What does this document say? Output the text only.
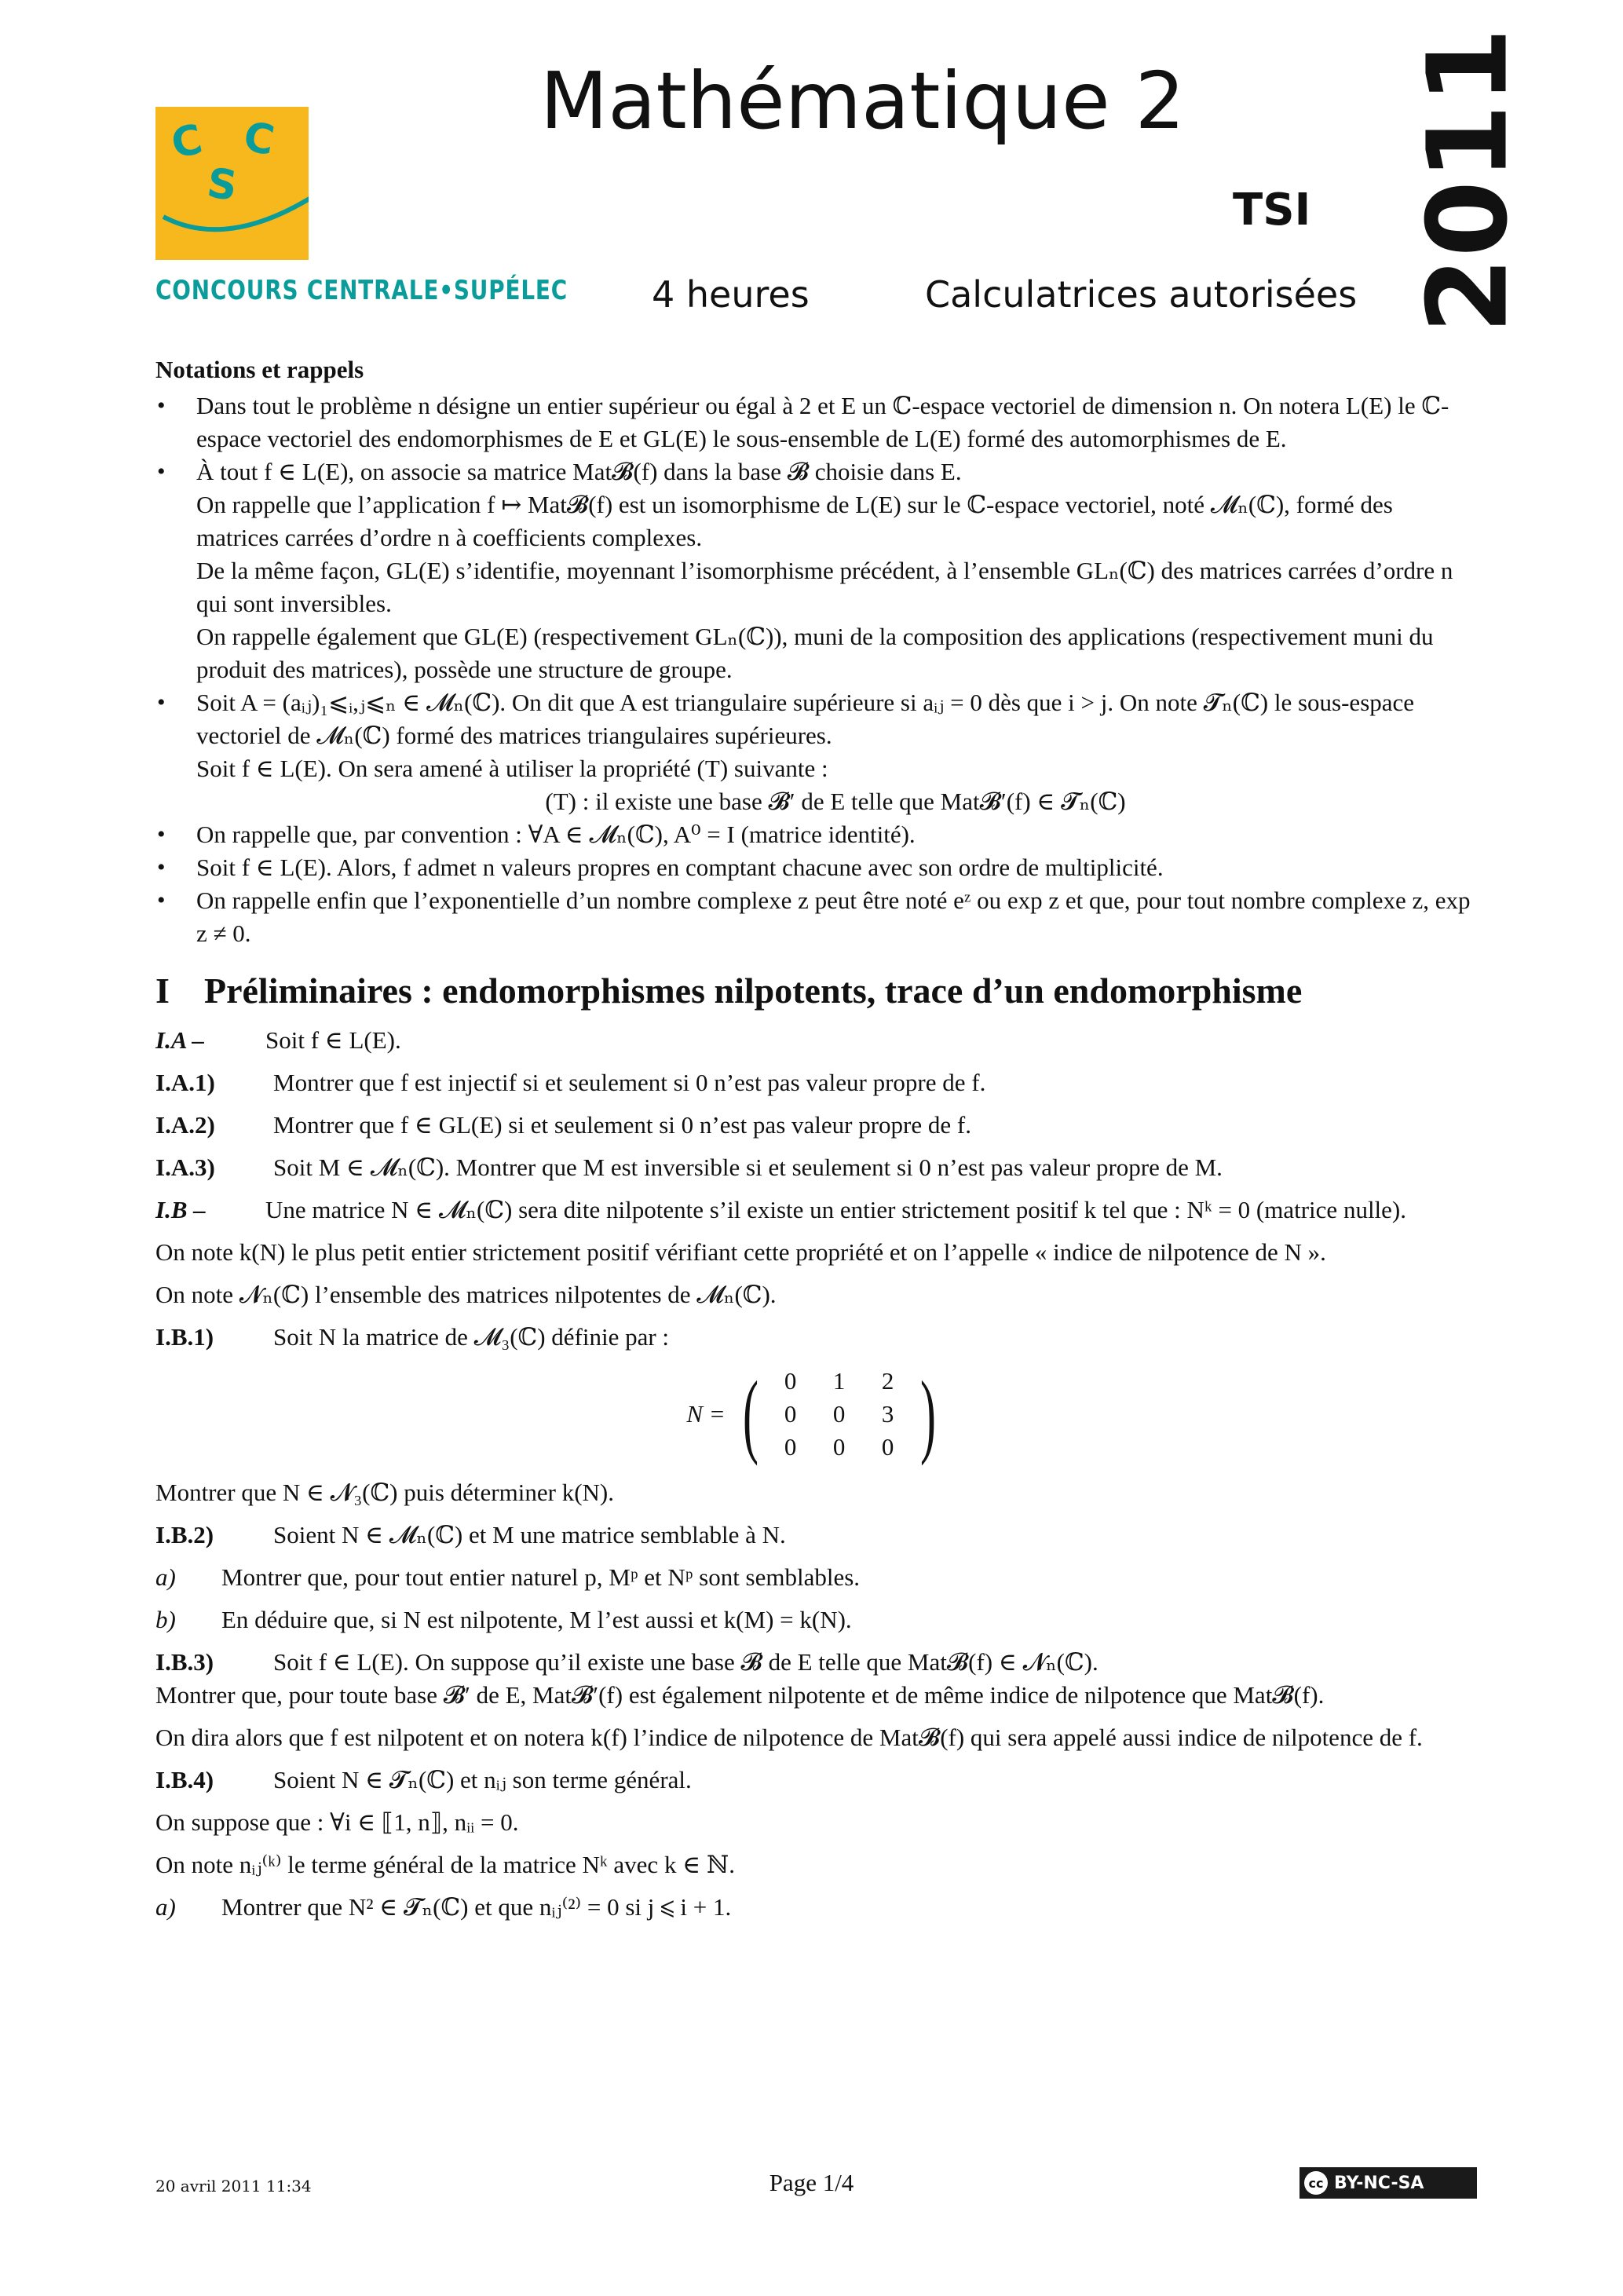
C C
S
CONCOURS CENTRALE•SUPÉLEC
Mathématique 2
TSI
4 heures	Calculatrices autorisées 2011

Notations et rappels

• Dans tout le problème n désigne un entier supérieur ou égal à 2 et E un ℂ-espace vectoriel de dimension n. On notera L(E) le ℂ-espace vectoriel des endomorphismes de E et GL(E) le sous-ensemble de L(E) formé des automorphismes de E.

• À tout f ∈ L(E), on associe sa matrice Mat𝓑(f) dans la base 𝓑 choisie dans E.

On rappelle que l’application f ↦ Mat𝓑(f) est un isomorphisme de L(E) sur le ℂ-espace vectoriel, noté 𝓜ₙ(ℂ), formé des matrices carrées d’ordre n à coefficients complexes.

De la même façon, GL(E) s’identifie, moyennant l’isomorphisme précédent, à l’ensemble GLₙ(ℂ) des matrices carrées d’ordre n qui sont inversibles.

On rappelle également que GL(E) (respectivement GLₙ(ℂ)), muni de la composition des applications (respectivement muni du produit des matrices), possède une structure de groupe.

• Soit A = (aᵢⱼ)₁⩽ᵢ,ⱼ⩽ₙ ∈ 𝓜ₙ(ℂ). On dit que A est triangulaire supérieure si aᵢⱼ = 0 dès que i > j. On note 𝓣ₙ(ℂ) le sous-espace vectoriel de 𝓜ₙ(ℂ) formé des matrices triangulaires supérieures.

Soit f ∈ L(E). On sera amené à utiliser la propriété (T) suivante :

(T) : il existe une base 𝓑′ de E telle que Mat𝓑′(f) ∈ 𝓣ₙ(ℂ)

• On rappelle que, par convention : ∀A ∈ 𝓜ₙ(ℂ), A⁰ = I (matrice identité).
• Soit f ∈ L(E). Alors, f admet n valeurs propres en comptant chacune avec son ordre de multiplicité.
• On rappelle enfin que l’exponentielle d’un nombre complexe z peut être noté eᶻ ou exp z et que, pour tout nombre complexe z, exp z ≠ 0.

I Préliminaires : endomorphismes nilpotents, trace d’un endomorphisme

I.A –	Soit f ∈ L(E).

I.A.1) Montrer que f est injectif si et seulement si 0 n’est pas valeur propre de f.

I.A.2) Montrer que f ∈ GL(E) si et seulement si 0 n’est pas valeur propre de f.

I.A.3) Soit M ∈ 𝓜ₙ(ℂ). Montrer que M est inversible si et seulement si 0 n’est pas valeur propre de M.

I.B – Une matrice N ∈ 𝓜ₙ(ℂ) sera dite nilpotente s’il existe un entier strictement positif k tel que : Nᵏ = 0 (matrice nulle).

On note k(N) le plus petit entier strictement positif vérifiant cette propriété et on l’appelle « indice de nilpotence de N ».

On note 𝓝ₙ(ℂ) l’ensemble des matrices nilpotentes de 𝓜ₙ(ℂ).

I.B.1) Soit N la matrice de 𝓜₃(ℂ) définie par :

N = ( 0	1	2
0	0	3
0	0	0 )

Montrer que N ∈ 𝓝₃(ℂ) puis déterminer k(N).

I.B.2) Soient N ∈ 𝓜ₙ(ℂ) et M une matrice semblable à N.

a) Montrer que, pour tout entier naturel p, Mᵖ et Nᵖ sont semblables.

b) En déduire que, si N est nilpotente, M l’est aussi et k(M) = k(N).

I.B.3) Soit f ∈ L(E). On suppose qu’il existe une base 𝓑 de E telle que Mat𝓑(f) ∈ 𝓝ₙ(ℂ).

Montrer que, pour toute base 𝓑′ de E, Mat𝓑′(f) est également nilpotente et de même indice de nilpotence que Mat𝓑(f).

On dira alors que f est nilpotent et on notera k(f) l’indice de nilpotence de Mat𝓑(f) qui sera appelé aussi indice de nilpotence de f.

I.B.4) Soient N ∈ 𝓣ₙ(ℂ) et nᵢⱼ son terme général.

On suppose que : ∀i ∈ ⟦1, n⟧, nᵢᵢ = 0.

On note nᵢⱼ⁽ᵏ⁾ le terme général de la matrice Nᵏ avec k ∈ ℕ.

a) Montrer que N² ∈ 𝓣ₙ(ℂ) et que nᵢⱼ⁽²⁾ = 0 si j ⩽ i + 1.

20 avril 2011 11:34	Page 1/4	cc BY-NC-SA
